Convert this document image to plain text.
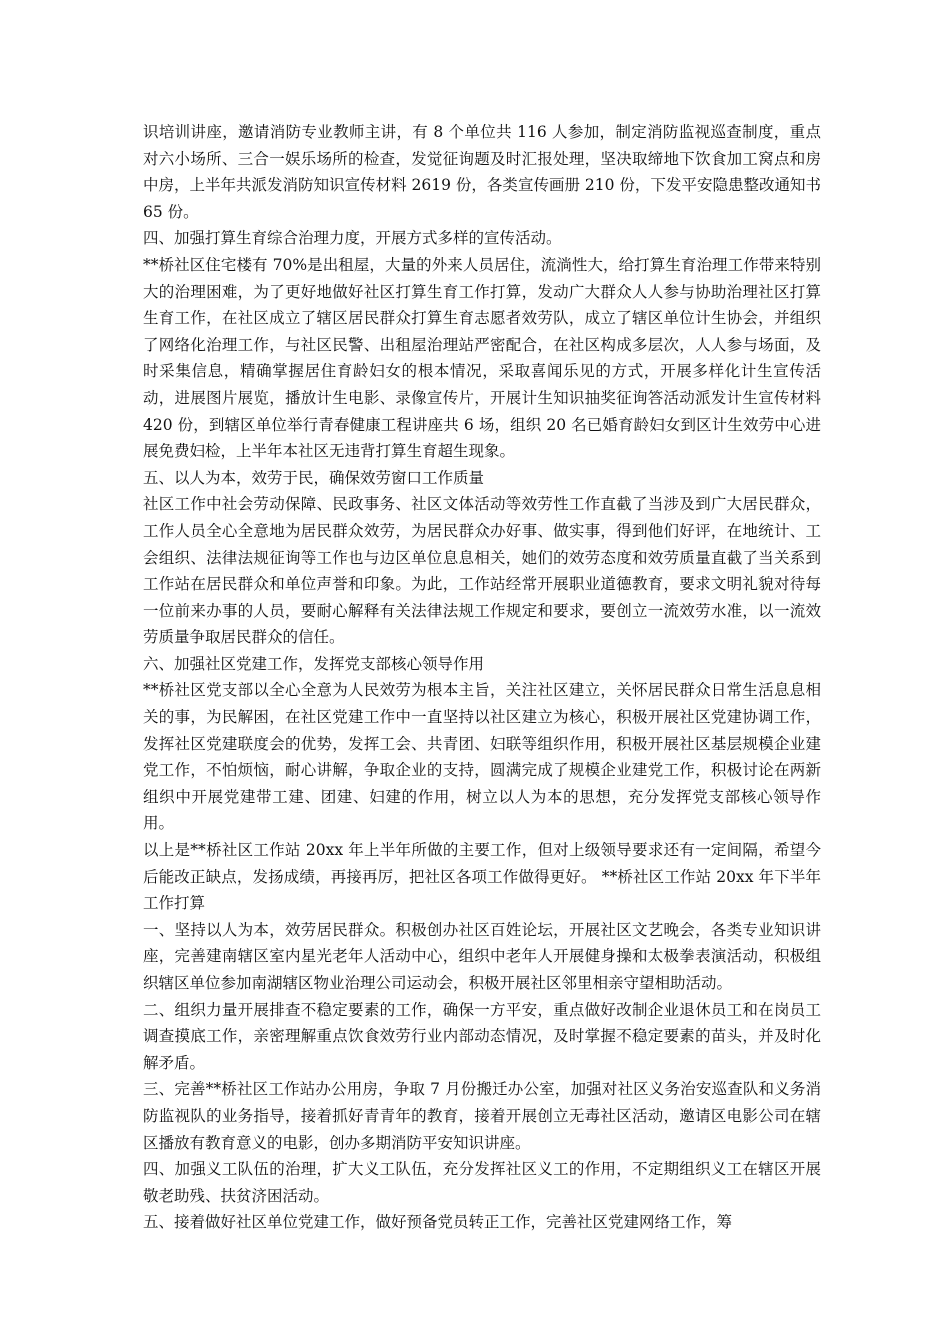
识培训讲座，邀请消防专业教师主讲，有 8 个单位共 116 人参加，制定消防监视巡查制度，重点对六小场所、三合一娱乐场所的检查，发觉征询题及时汇报处理，坚决取缔地下饮食加工窝点和房中房，上半年共派发消防知识宣传材料 2619 份，各类宣传画册 210 份，下发平安隐患整改通知书 65 份。

四、加强打算生育综合治理力度，开展方式多样的宣传活动。

**桥社区住宅楼有 70%是出租屋，大量的外来人员居住，流淌性大，给打算生育治理工作带来特别大的治理困难，为了更好地做好社区打算生育工作打算，发动广大群众人人参与协助治理社区打算生育工作，在社区成立了辖区居民群众打算生育志愿者效劳队，成立了辖区单位计生协会，并组织了网络化治理工作，与社区民警、出租屋治理站严密配合，在社区构成多层次，人人参与场面，及时采集信息，精确掌握居住育龄妇女的根本情况，采取喜闻乐见的方式，开展多样化计生宣传活动，进展图片展览，播放计生电影、录像宣传片，开展计生知识抽奖征询答活动派发计生宣传材料 420 份，到辖区单位举行青春健康工程讲座共 6 场，组织 20 名已婚育龄妇女到区计生效劳中心进展免费妇检，上半年本社区无违背打算生育超生现象。

五、以人为本，效劳于民，确保效劳窗口工作质量

社区工作中社会劳动保障、民政事务、社区文体活动等效劳性工作直截了当涉及到广大居民群众，工作人员全心全意地为居民群众效劳，为居民群众办好事、做实事，得到他们好评，在地统计、工会组织、法律法规征询等工作也与边区单位息息相关，她们的效劳态度和效劳质量直截了当关系到工作站在居民群众和单位声誉和印象。为此，工作站经常开展职业道德教育，要求文明礼貌对待每一位前来办事的人员，要耐心解释有关法律法规工作规定和要求，要创立一流效劳水准，以一流效劳质量争取居民群众的信任。

六、加强社区党建工作，发挥党支部核心领导作用

**桥社区党支部以全心全意为人民效劳为根本主旨，关注社区建立，关怀居民群众日常生活息息相关的事，为民解困，在社区党建工作中一直坚持以社区建立为核心，积极开展社区党建协调工作，发挥社区党建联度会的优势，发挥工会、共青团、妇联等组织作用，积极开展社区基层规模企业建党工作，不怕烦恼，耐心讲解，争取企业的支持，圆满完成了规模企业建党工作，积极讨论在两新组织中开展党建带工建、团建、妇建的作用，树立以人为本的思想，充分发挥党支部核心领导作用。

以上是**桥社区工作站 20xx 年上半年所做的主要工作，但对上级领导要求还有一定间隔，希望今后能改正缺点，发扬成绩，再接再厉，把社区各项工作做得更好。 **桥社区工作站 20xx 年下半年工作打算

一、坚持以人为本，效劳居民群众。积极创办社区百姓论坛，开展社区文艺晚会，各类专业知识讲座，完善建南辖区室内星光老年人活动中心，组织中老年人开展健身操和太极拳表演活动，积极组织辖区单位参加南湖辖区物业治理公司运动会，积极开展社区邻里相亲守望相助活动。

二、组织力量开展排查不稳定要素的工作，确保一方平安，重点做好改制企业退休员工和在岗员工调查摸底工作，亲密理解重点饮食效劳行业内部动态情况，及时掌握不稳定要素的苗头，并及时化解矛盾。

三、完善**桥社区工作站办公用房，争取 7 月份搬迁办公室，加强对社区义务治安巡查队和义务消防监视队的业务指导，接着抓好青青年的教育，接着开展创立无毒社区活动，邀请区电影公司在辖区播放有教育意义的电影，创办多期消防平安知识讲座。

四、加强义工队伍的治理，扩大义工队伍，充分发挥社区义工的作用，不定期组织义工在辖区开展敬老助残、扶贫济困活动。

五、接着做好社区单位党建工作，做好预备党员转正工作，完善社区党建网络工作，筹
